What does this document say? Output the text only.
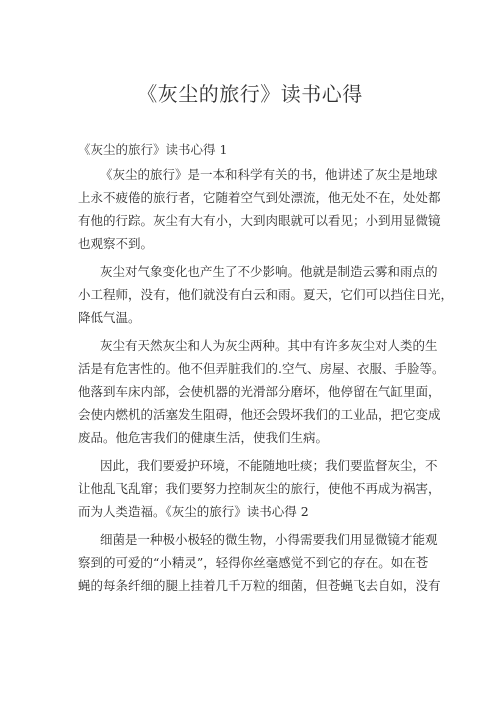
《灰尘的旅行》读书心得
《灰尘的旅行》读书心得 1
《灰尘的旅行》是一本和科学有关的书，他讲述了灰尘是地球
上永不疲倦的旅行者，它随着空气到处漂流，他无处不在，处处都
有他的行踪。灰尘有大有小，大到肉眼就可以看见；小到用显微镜
也观察不到。
灰尘对气象变化也产生了不少影响。他就是制造云雾和雨点的
小工程师，没有，他们就没有白云和雨。夏天，它们可以挡住日光，
降低气温。
灰尘有天然灰尘和人为灰尘两种。其中有许多灰尘对人类的生
活是有危害性的。他不但弄脏我们的.空气、房屋、衣服、手脸等。
他落到车床内部，会使机器的光滑部分磨坏，他停留在气缸里面，
会使内燃机的活塞发生阻碍，他还会毁坏我们的工业品，把它变成
废品。他危害我们的健康生活，使我们生病。
因此，我们要爱护环境，不能随地吐痰；我们要监督灰尘，不
让他乱飞乱窜；我们要努力控制灰尘的旅行，使他不再成为祸害，
而为人类造福。《灰尘的旅行》读书心得 2
细菌是一种极小极轻的微生物，小得需要我们用显微镜才能观
察到的可爱的“小精灵”，轻得你丝毫感觉不到它的存在。如在苍
蝇的每条纤细的腿上挂着几千万粒的细菌，但苍蝇飞去自如，没有
